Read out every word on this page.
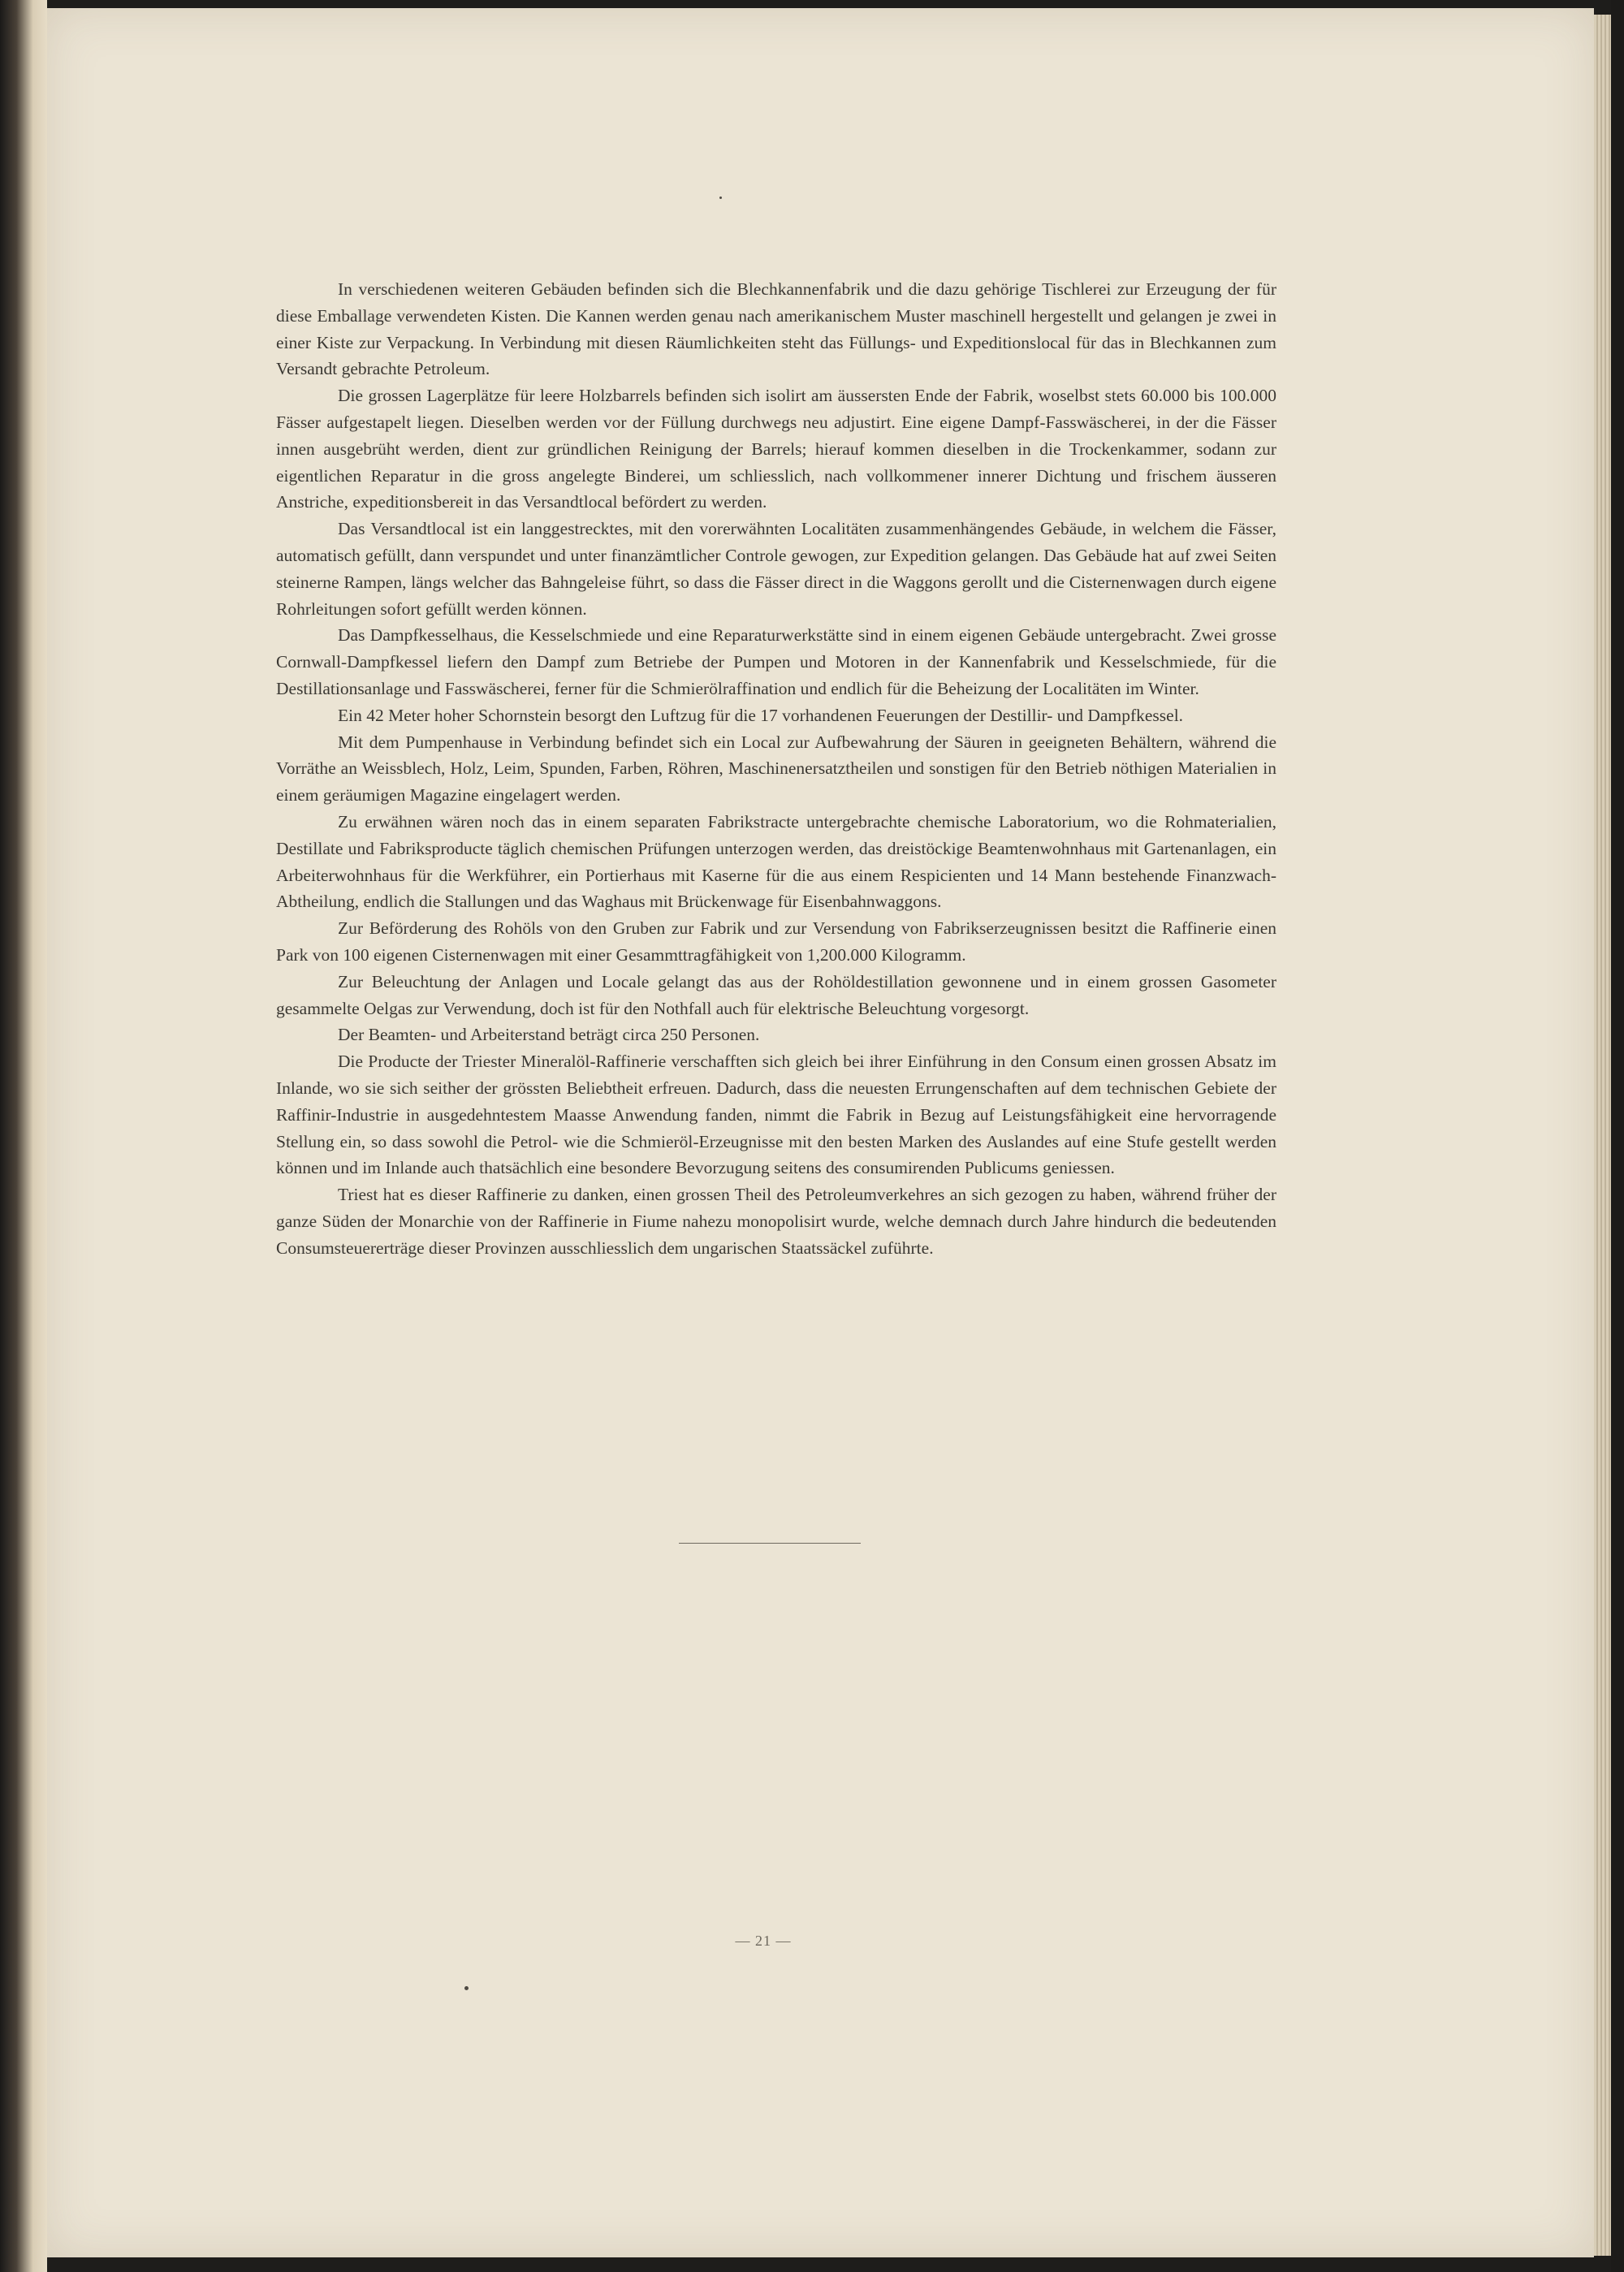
In verschiedenen weiteren Gebäuden befinden sich die Blechkannenfabrik und die dazu gehörige Tischlerei zur Erzeugung der für diese Emballage verwendeten Kisten. Die Kannen werden genau nach amerikanischem Muster maschinell hergestellt und gelangen je zwei in einer Kiste zur Verpackung. In Verbindung mit diesen Räumlichkeiten steht das Füllungs- und Expeditionslocal für das in Blechkannen zum Versandt gebrachte Petroleum.

Die grossen Lagerplätze für leere Holzbarrels befinden sich isolirt am äussersten Ende der Fabrik, woselbst stets 60.000 bis 100.000 Fässer aufgestapelt liegen. Dieselben werden vor der Füllung durchwegs neu adjustirt. Eine eigene Dampf-Fasswäscherei, in der die Fässer innen ausgebrüht werden, dient zur gründlichen Reinigung der Barrels; hierauf kommen dieselben in die Trockenkammer, sodann zur eigentlichen Reparatur in die gross angelegte Binderei, um schliesslich, nach vollkommener innerer Dichtung und frischem äusseren Anstriche, expeditionsbereit in das Versandtlocal befördert zu werden.

Das Versandtlocal ist ein langgestrecktes, mit den vorerwähnten Localitäten zusammenhängendes Gebäude, in welchem die Fässer, automatisch gefüllt, dann verspundet und unter finanzämtlicher Controle gewogen, zur Expedition gelangen. Das Gebäude hat auf zwei Seiten steinerne Rampen, längs welcher das Bahngeleise führt, so dass die Fässer direct in die Waggons gerollt und die Cisternenwagen durch eigene Rohrleitungen sofort gefüllt werden können.

Das Dampfkesselhaus, die Kesselschmiede und eine Reparaturwerkstätte sind in einem eigenen Gebäude untergebracht. Zwei grosse Cornwall-Dampfkessel liefern den Dampf zum Betriebe der Pumpen und Motoren in der Kannenfabrik und Kesselschmiede, für die Destillationsanlage und Fasswäscherei, ferner für die Schmierölraffination und endlich für die Beheizung der Localitäten im Winter.

Ein 42 Meter hoher Schornstein besorgt den Luftzug für die 17 vorhandenen Feuerungen der Destillir- und Dampfkessel.

Mit dem Pumpenhause in Verbindung befindet sich ein Local zur Aufbewahrung der Säuren in geeigneten Behältern, während die Vorräthe an Weissblech, Holz, Leim, Spunden, Farben, Röhren, Maschinenersatztheilen und sonstigen für den Betrieb nöthigen Materialien in einem geräumigen Magazine eingelagert werden.

Zu erwähnen wären noch das in einem separaten Fabrikstracte untergebrachte chemische Laboratorium, wo die Rohmaterialien, Destillate und Fabriksproducte täglich chemischen Prüfungen unterzogen werden, das dreistöckige Beamtenwohnhaus mit Gartenanlagen, ein Arbeiterwohnhaus für die Werkführer, ein Portierhaus mit Kaserne für die aus einem Respicienten und 14 Mann bestehende Finanzwach-Abtheilung, endlich die Stallungen und das Waghaus mit Brückenwage für Eisenbahnwaggons.

Zur Beförderung des Rohöls von den Gruben zur Fabrik und zur Versendung von Fabrikserzeugnissen besitzt die Raffinerie einen Park von 100 eigenen Cisternenwagen mit einer Gesammttragfähigkeit von 1,200.000 Kilogramm.

Zur Beleuchtung der Anlagen und Locale gelangt das aus der Rohöldestillation gewonnene und in einem grossen Gasometer gesammelte Oelgas zur Verwendung, doch ist für den Nothfall auch für elektrische Beleuchtung vorgesorgt.

Der Beamten- und Arbeiterstand beträgt circa 250 Personen.

Die Producte der Triester Mineralöl-Raffinerie verschafften sich gleich bei ihrer Einführung in den Consum einen grossen Absatz im Inlande, wo sie sich seither der grössten Beliebtheit erfreuen. Dadurch, dass die neuesten Errungenschaften auf dem technischen Gebiete der Raffinir-Industrie in ausgedehntestem Maasse Anwendung fanden, nimmt die Fabrik in Bezug auf Leistungsfähigkeit eine hervorragende Stellung ein, so dass sowohl die Petrol- wie die Schmieröl-Erzeugnisse mit den besten Marken des Auslandes auf eine Stufe gestellt werden können und im Inlande auch thatsächlich eine besondere Bevorzugung seitens des consumirenden Publicums geniessen.

Triest hat es dieser Raffinerie zu danken, einen grossen Theil des Petroleumverkehres an sich gezogen zu haben, während früher der ganze Süden der Monarchie von der Raffinerie in Fiume nahezu monopolisirt wurde, welche demnach durch Jahre hindurch die bedeutenden Consumsteuererträge dieser Provinzen ausschliesslich dem ungarischen Staatssäckel zuführte.

— 21 —
